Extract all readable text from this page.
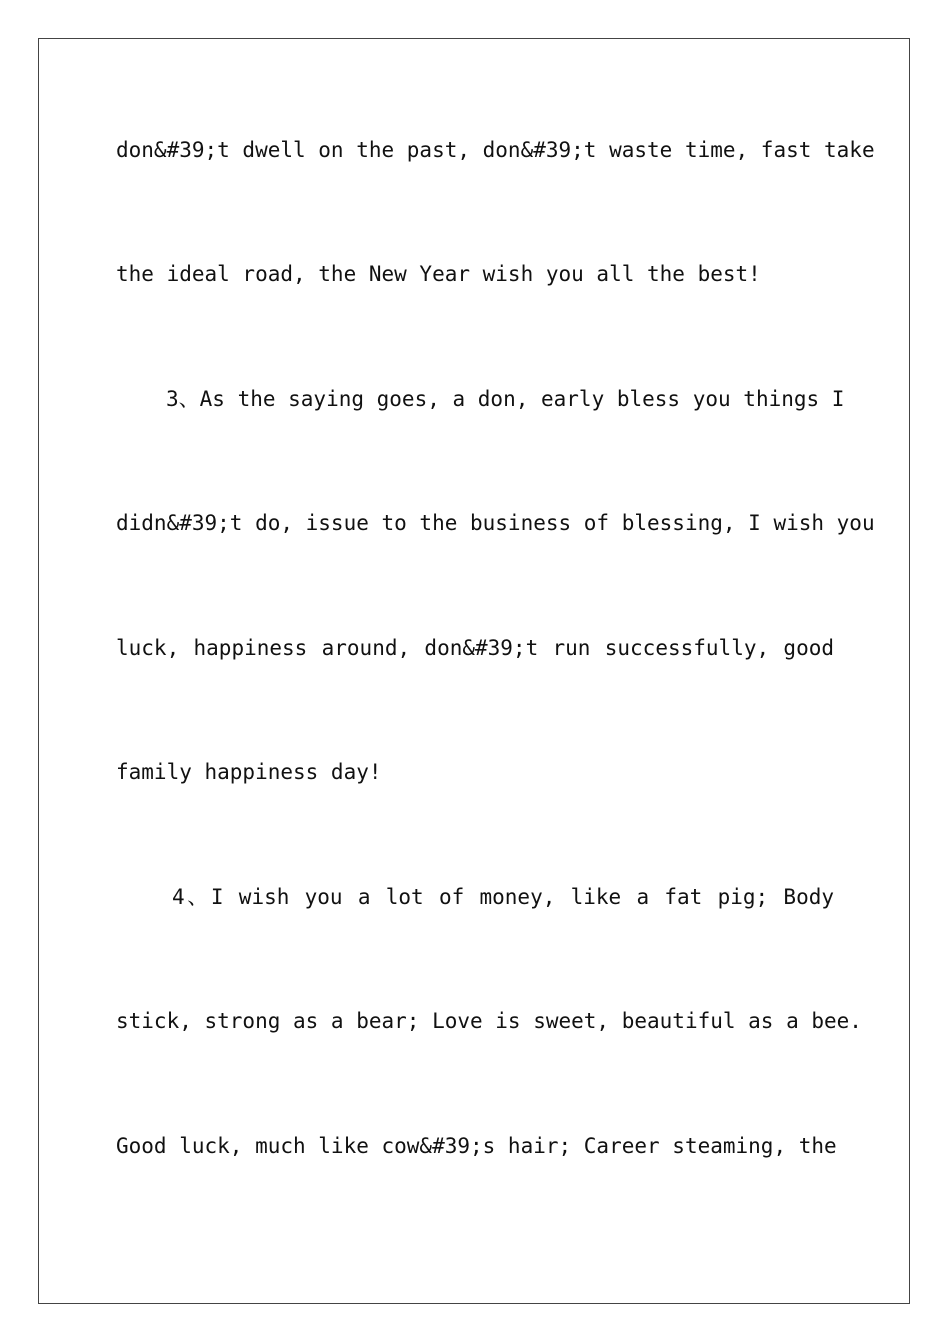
don&#39;t dwell on the past, don&#39;t waste time, fast take
the ideal road, the New Year wish you all the best!
3、As the saying goes, a don, early bless you things I
didn&#39;t do, issue to the business of blessing, I wish you
luck, happiness around, don&#39;t run successfully, good
family happiness day!
4、I wish you a lot of money, like a fat pig; Body
stick, strong as a bear; Love is sweet, beautiful as a bee.
Good luck, much like cow&#39;s hair; Career steaming, the
